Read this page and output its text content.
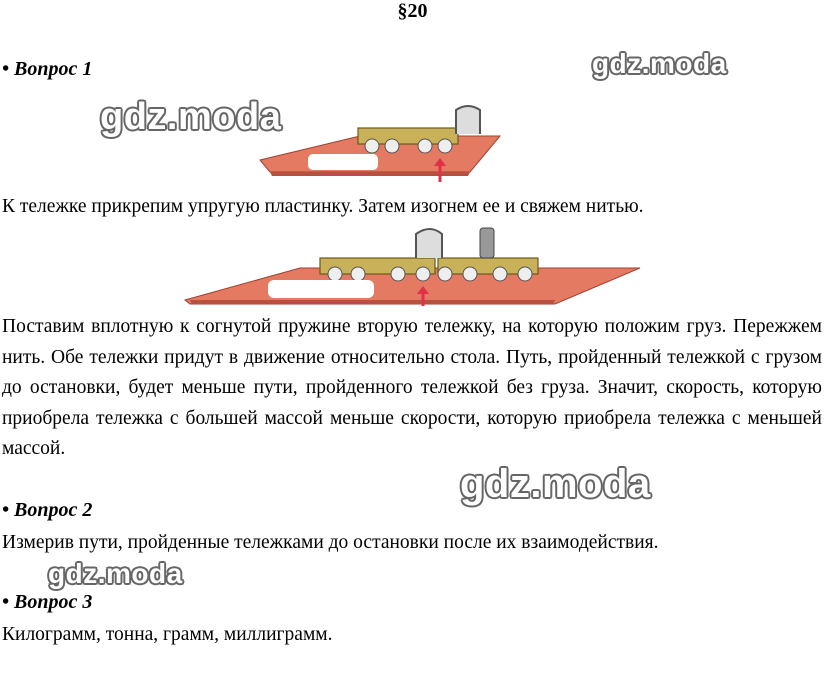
§20
• Вопрос 1	gdz.moda
gdz.moda
К тележке прикрепим упругую пластинку. Затем изогнем ее и свяжем нитью.
Поставим вплотную к согнутой пружине вторую тележку, на которую положим груз. Пережжем нить. Обе тележки придут в движение относительно стола. Путь, пройденный тележкой с грузом до остановки, будет меньше пути, пройденного тележкой без груза. Значит, скорость, которую приобрела тележка с большей массой меньше скорости, которую приобрела тележка с меньшей массой.
gdz.moda
• Вопрос 2
Измерив пути, пройденные тележками до остановки после их взаимодействия.
gdz.moda
• Вопрос 3
Килограмм, тонна, грамм, миллиграмм.
